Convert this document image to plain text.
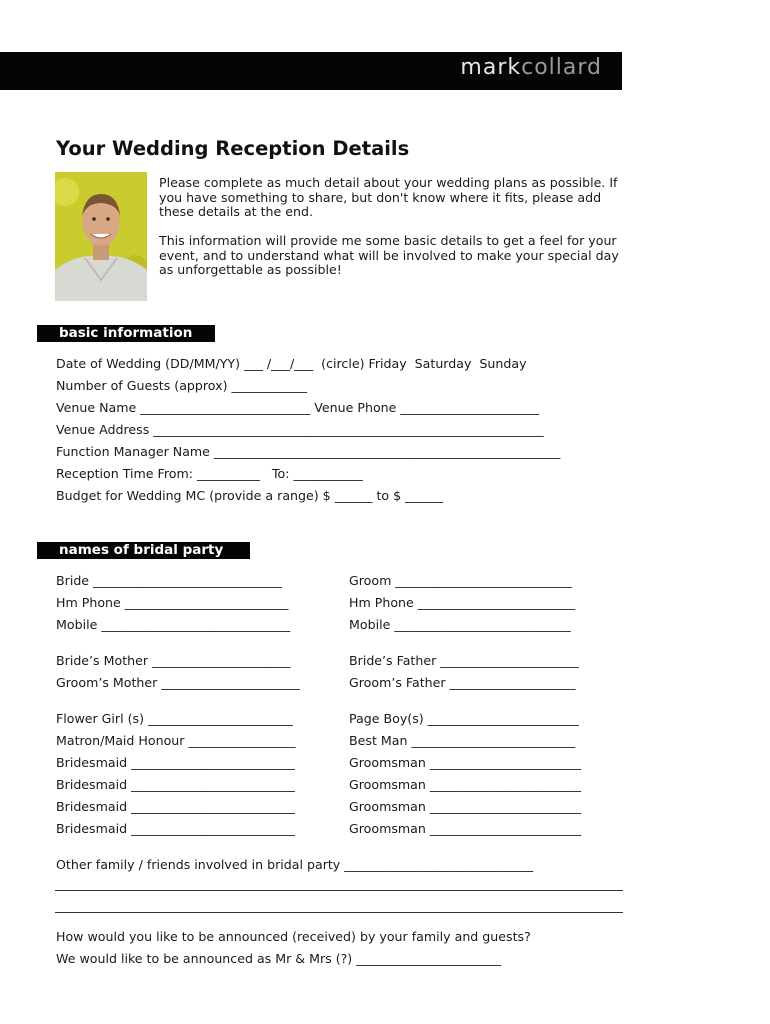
markcollard
Your Wedding Reception Details

Please complete as much detail about your wedding plans as possible. If you have something to share, but don't know where it fits, please add these details at the end.

This information will provide me some basic details to get a feel for your event, and to understand what will be involved to make your special day as unforgettable as possible!

basic information
Date of Wedding (DD/MM/YY) ___ /___/___  (circle) Friday  Saturday  Sunday
Number of Guests (approx) ____________
Venue Name ___________________________ Venue Phone ______________________
Venue Address ______________________________________________________________
Function Manager Name _______________________________________________________
Reception Time From: __________   To: ___________
Budget for Wedding MC (provide a range) $ ______ to $ ______
names of bridal party
Bride ______________________________
Hm Phone __________________________
Mobile ______________________________
Bride’s Mother ______________________
Groom’s Mother ______________________
Flower Girl (s) _______________________
Matron/Maid Honour _________________
Bridesmaid __________________________
Bridesmaid __________________________
Bridesmaid __________________________
Bridesmaid __________________________
Groom ____________________________
Hm Phone _________________________
Mobile ____________________________
Bride’s Father ______________________
Groom’s Father ____________________
Page Boy(s) ________________________
Best Man __________________________
Groomsman ________________________
Groomsman ________________________
Groomsman ________________________
Groomsman ________________________
Other family / friends involved in bridal party ______________________________
How would you like to be announced (received) by your family and guests?
We would like to be announced as Mr & Mrs (?) _______________________
